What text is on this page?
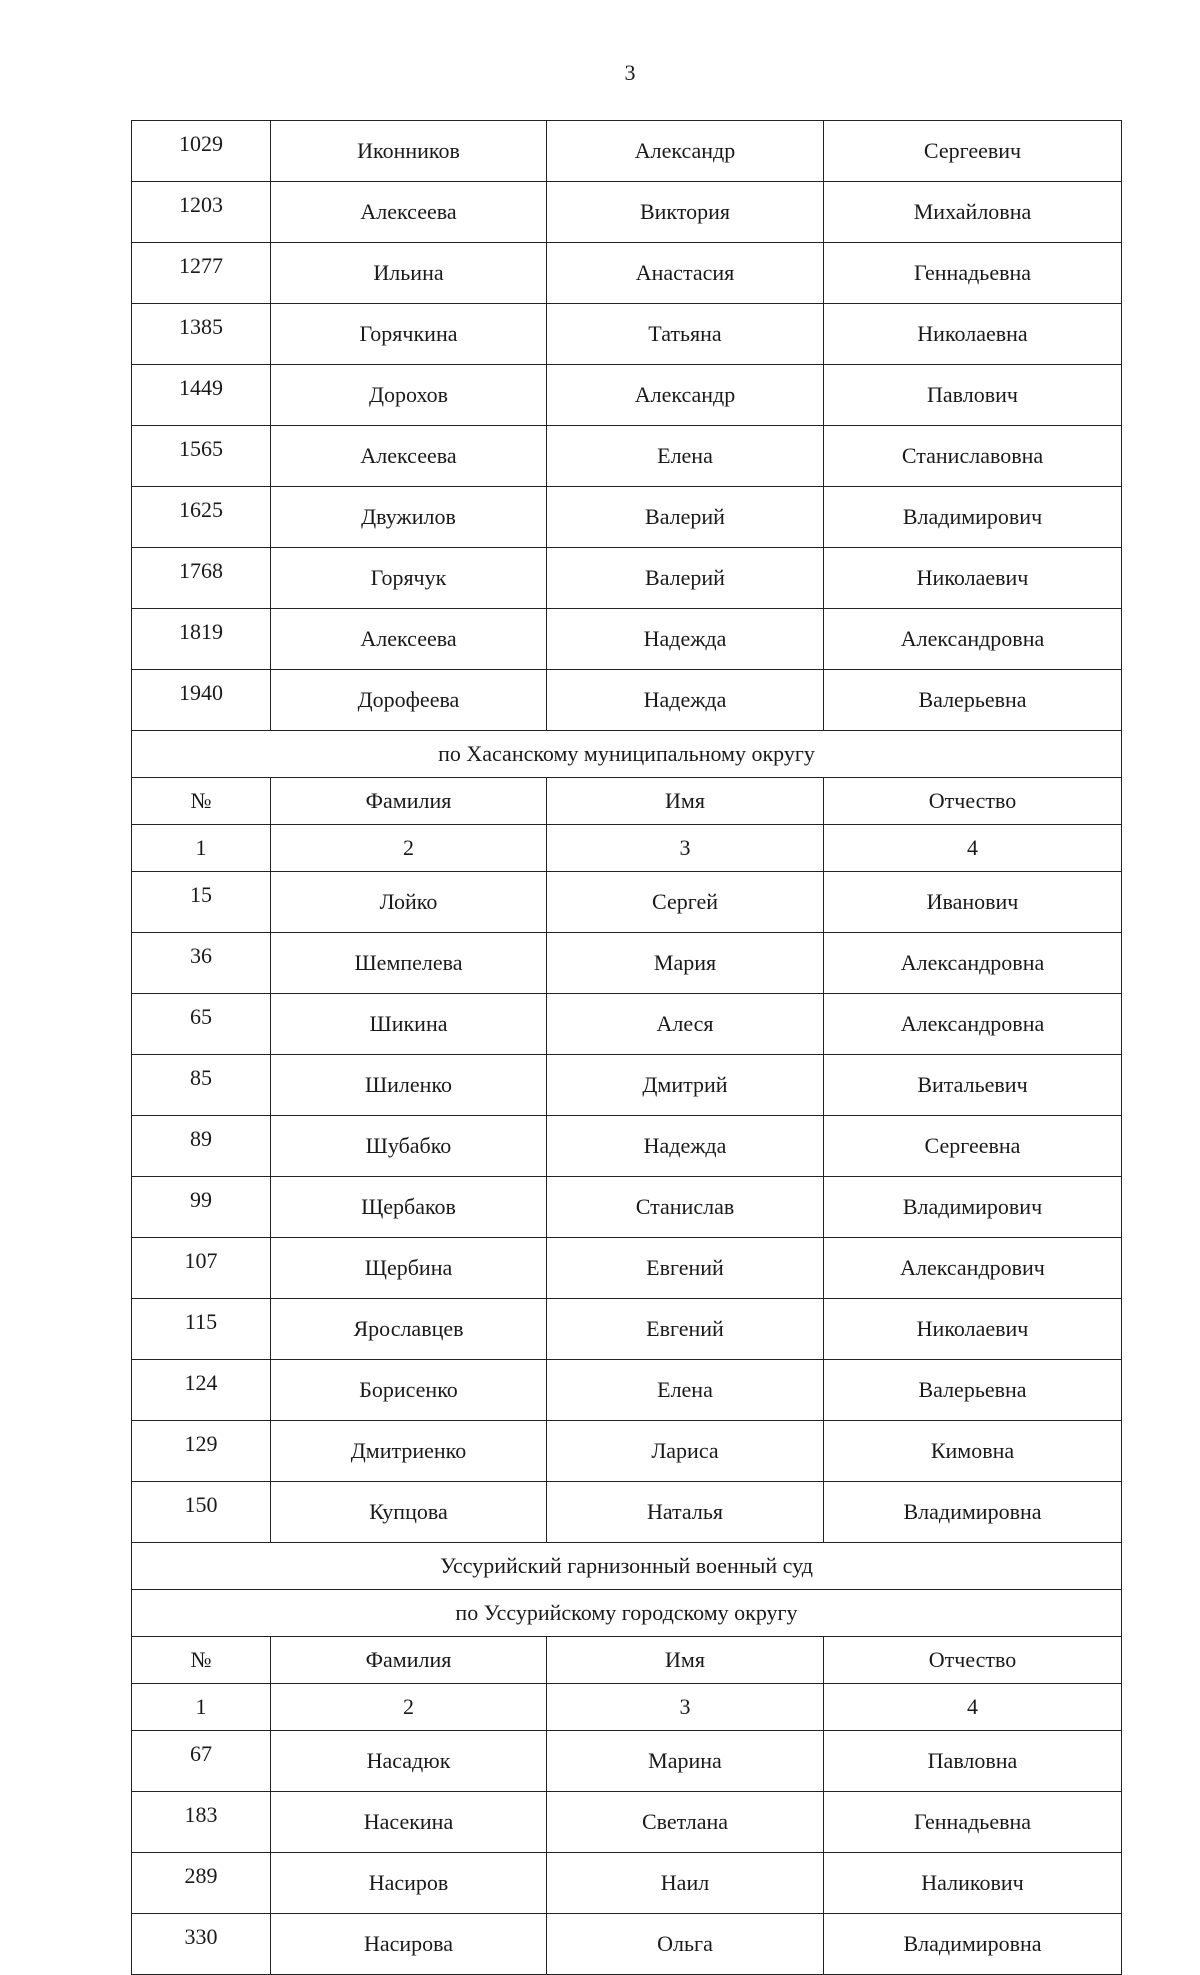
3
1029	Иконников	Александр	Сергеевич
1203	Алексеева	Виктория	Михайловна
1277	Ильина	Анастасия	Геннадьевна
1385	Горячкина	Татьяна	Николаевна
1449	Дорохов	Александр	Павлович
1565	Алексеева	Елена	Станиславовна
1625	Двужилов	Валерий	Владимирович
1768	Горячук	Валерий	Николаевич
1819	Алексеева	Надежда	Александровна
1940	Дорофеева	Надежда	Валерьевна
по Хасанскому муниципальному округу			
№	Фамилия	Имя	Отчество
1	2	3	4
15	Лойко	Сергей	Иванович
36	Шемпелева	Мария	Александровна
65	Шикина	Алеся	Александровна
85	Шиленко	Дмитрий	Витальевич
89	Шубабко	Надежда	Сергеевна
99	Щербаков	Станислав	Владимирович
107	Щербина	Евгений	Александрович
115	Ярославцев	Евгений	Николаевич
124	Борисенко	Елена	Валерьевна
129	Дмитриенко	Лариса	Кимовна
150	Купцова	Наталья	Владимировна
Уссурийский гарнизонный военный суд			
по Уссурийскому городскому округу			
№	Фамилия	Имя	Отчество
1	2	3	4
67	Насадюк	Марина	Павловна
183	Насекина	Светлана	Геннадьевна
289	Насиров	Наил	Наликович
330	Насирова	Ольга	Владимировна
